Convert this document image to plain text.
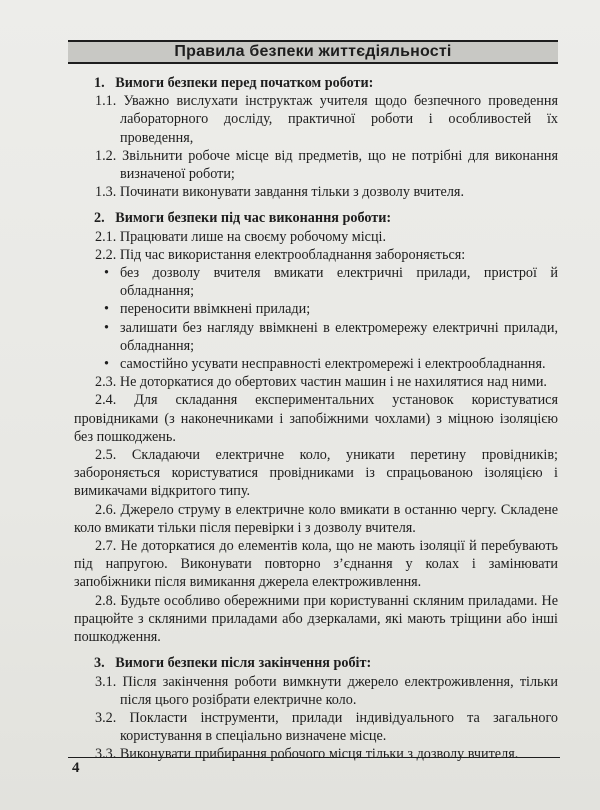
Правила безпеки життєдіяльності
1.   Вимоги безпеки перед початком роботи:
1.1. Уважно вислухати інструктаж учителя щодо безпечного проведення лабораторного досліду, практичної роботи і особливостей їх проведення,
1.2. Звільнити робоче місце від предметів, що не потрібні для виконання визначеної роботи;
1.3. Починати виконувати завдання тільки з дозволу вчителя.
2.   Вимоги безпеки під час виконання роботи:
2.1. Працювати лише на своєму робочому місці.
2.2. Під час використання електрообладнання забороняється:
• без дозволу вчителя вмикати електричні прилади, пристрої й обладнання;
• переносити ввімкнені прилади;
• залишати без нагляду ввімкнені в електромережу електричні прилади, обладнання;
• самостійно усувати несправності електромережі і електрообладнання.
2.3. Не доторкатися до обертових частин машин і не нахилятися над ними.
2.4. Для складання експериментальних установок користуватися провідниками (з наконечниками і запобіжними чохлами) з міцною ізоляцією без пошкоджень.
2.5. Складаючи електричне коло, уникати перетину провідників; забороняється користуватися провідниками із спрацьованою ізоляцією і вимикачами відкритого типу.
2.6. Джерело струму в електричне коло вмикати в останню чергу. Складене коло вмикати тільки після перевірки і з дозволу вчителя.
2.7. Не доторкатися до елементів кола, що не мають ізоляції й перебувають під напругою. Виконувати повторно з’єднання у колах і замінювати запобіжники після вимикання джерела електроживлення.
2.8. Будьте особливо обережними при користуванні скляним приладами. Не працюйте з скляними приладами або дзеркалами, які мають тріщини або інші пошкодження.
3.   Вимоги безпеки після закінчення робіт:
3.1. Після закінчення роботи вимкнути джерело електроживлення, тільки після цього розібрати електричне коло.
3.2. Поклaсти інструменти, прилади індивідуального та загального користування в спеціально визначене місце.
3.3. Виконувати прибирання робочого місця тільки з дозволу вчителя.
4
